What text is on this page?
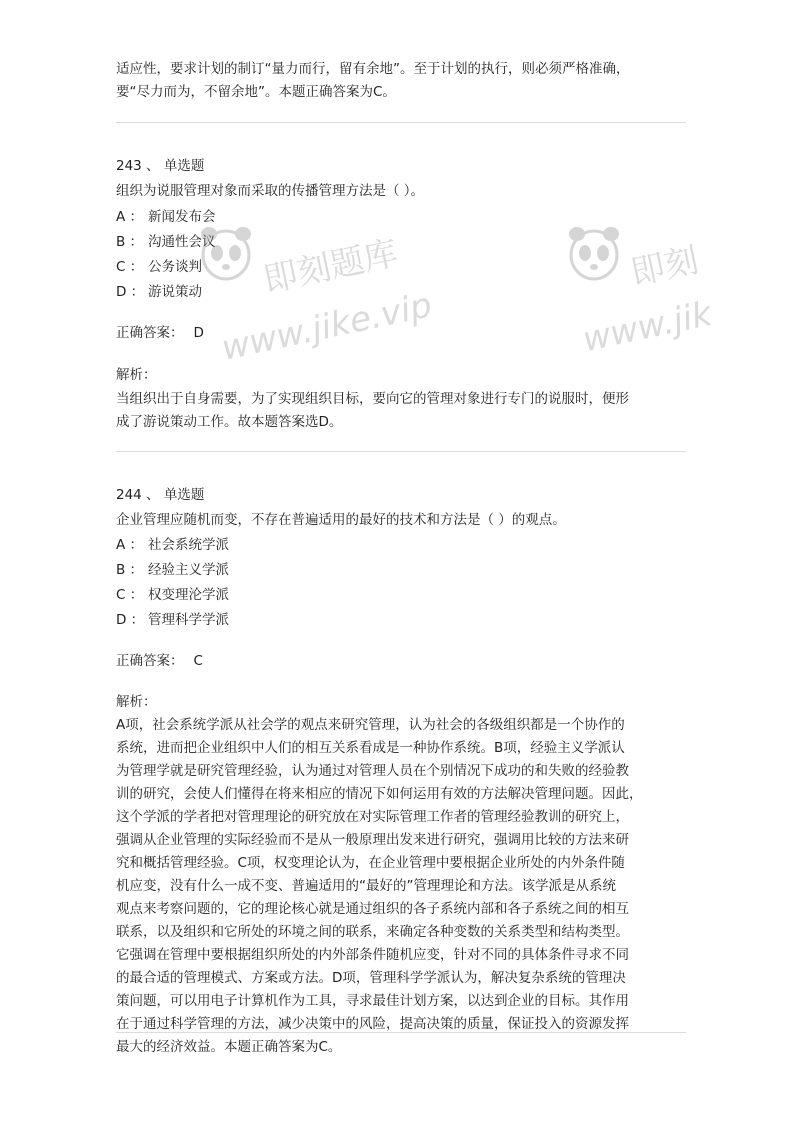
适应性，要求计划的制订“量力而行，留有余地”。至于计划的执行，则必须严格准确，
要“尽力而为，不留余地”。本题正确答案为C。
243 、 单选题
组织为说服管理对象而采取的传播管理方法是（ ）。
A ： 新闻发布会
B ： 沟通性会议
C ： 公务谈判
D ： 游说策动
正确答案： D
解析：
当组织出于自身需要，为了实现组织目标，要向它的管理对象进行专门的说服时，便形
成了游说策动工作。故本题答案选D。
244 、 单选题
企业管理应随机而变，不存在普遍适用的最好的技术和方法是（ ）的观点。
A ： 社会系统学派
B ： 经验主义学派
C ： 权变理沦学派
D ： 管理科学学派
正确答案： C
解析：
A项，社会系统学派从社会学的观点来研究管理，认为社会的各级组织都是一个协作的
系统，进而把企业组织中人们的相互关系看成是一种协作系统。B项，经验主义学派认
为管理学就是研究管理经验，认为通过对管理人员在个别情况下成功的和失败的经验教
训的研究，会使人们懂得在将来相应的情况下如何运用有效的方法解决管理问题。因此，
这个学派的学者把对管理理论的研究放在对实际管理工作者的管理经验教训的研究上，
强调从企业管理的实际经验而不是从一般原理出发来进行研究，强调用比较的方法来研
究和概括管理经验。C项，权变理论认为，在企业管理中要根据企业所处的内外条件随
机应变，没有什么一成不变、普遍适用的“最好的”管理理论和方法。该学派是从系统
观点来考察问题的，它的理论核心就是通过组织的各子系统内部和各子系统之间的相互
联系，以及组织和它所处的环境之间的联系，来确定各种变数的关系类型和结构类型。
它强调在管理中要根据组织所处的内外部条件随机应变，针对不同的具体条件寻求不同
的最合适的管理模式、方案或方法。D项，管理科学学派认为，解决复杂系统的管理决
策问题，可以用电子计算机作为工具，寻求最佳计划方案，以达到企业的目标。其作用
在于通过科学管理的方法，减少决策中的风险，提高决策的质量，保证投入的资源发挥
最大的经济效益。本题正确答案为C。
即刻题库
www.jike.vip
即刻
www.jik
